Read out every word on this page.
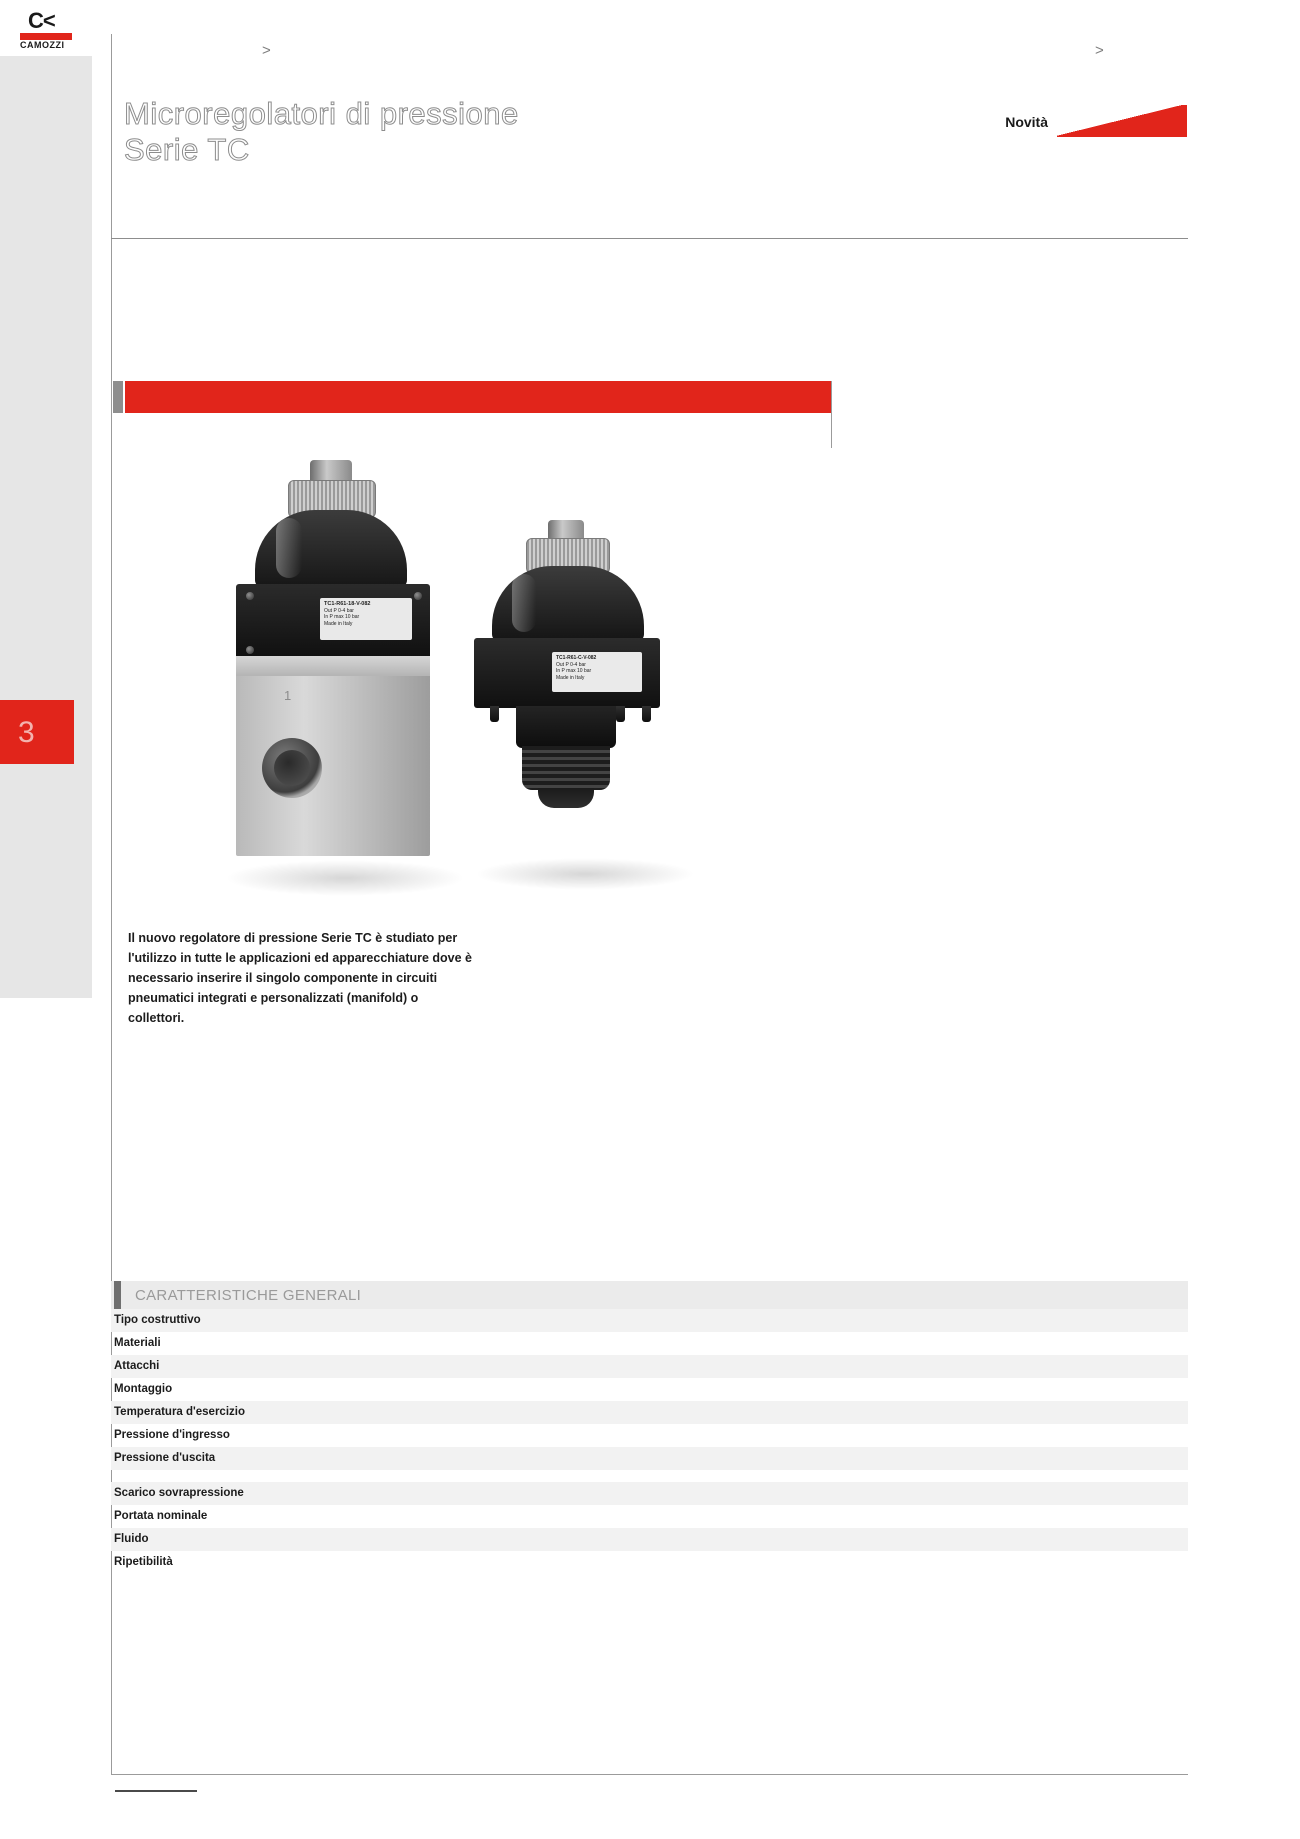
3
C<
CAMOZZI	>	>
Microregolatori di pressione
Serie TC
Novità
TC1-R61-18-V-082
Out P 0-4 bar
In P max 10 bar
Made in Italy
1
TC1-R61-C-V-082
Out P 0-4 bar
In P max 10 bar
Made in Italy
Il nuovo regolatore di pressione Serie TC è studiato per l'utilizzo in tutte le applicazioni ed apparecchiature dove è necessario inserire il singolo componente in circuiti pneumatici integrati e personalizzati (manifold) o collettori.
CARATTERISTICHE GENERALI
Tipo costruttivo
Materiali
Attacchi
Montaggio
Temperatura d'esercizio
Pressione d'ingresso
Pressione d'uscita
Scarico sovrapressione
Portata nominale
Fluido
Ripetibilità
